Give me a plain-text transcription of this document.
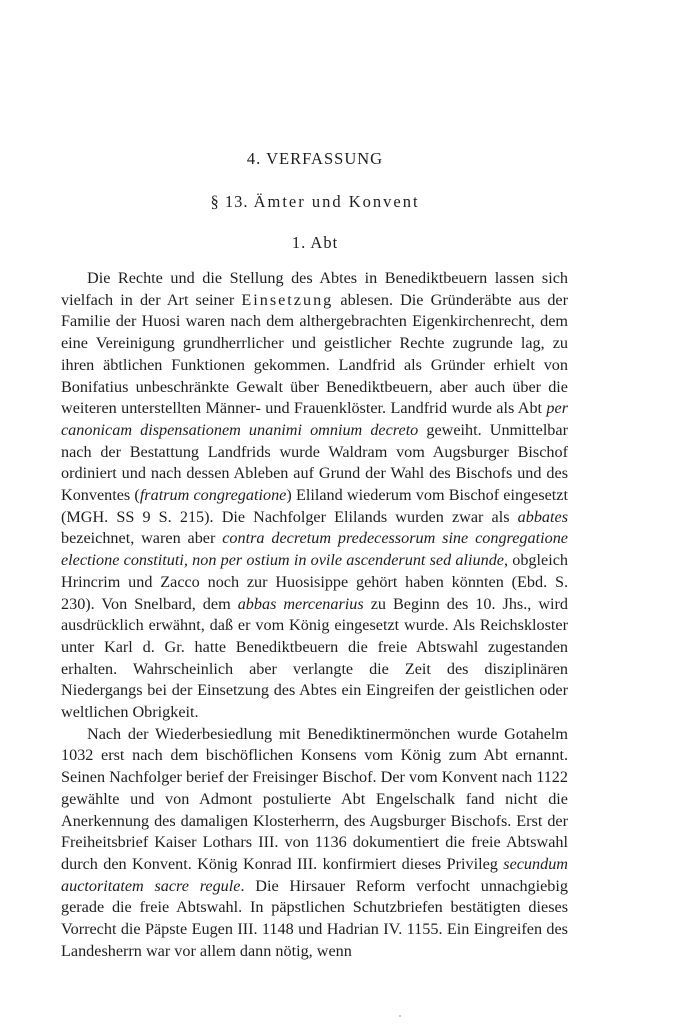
4. VERFASSUNG
§ 13. Ämter und Konvent
1. Abt

Die Rechte und die Stellung des Abtes in Benediktbeuern lassen sich vielfach in der Art seiner Einsetzung ablesen. Die Gründeräbte aus der Familie der Huosi waren nach dem althergebrachten Eigenkirchenrecht, dem eine Vereinigung grundherrlicher und geistlicher Rechte zugrunde lag, zu ihren äbtlichen Funktionen gekommen. Landfrid als Gründer erhielt von Bonifatius unbeschränkte Gewalt über Benediktbeuern, aber auch über die weiteren unterstellten Männer- und Frauenklöster. Landfrid wurde als Abt per canonicam dispensationem unanimi omnium decreto geweiht. Unmittelbar nach der Bestattung Landfrids wurde Waldram vom Augsburger Bischof ordiniert und nach dessen Ableben auf Grund der Wahl des Bischofs und des Konventes (fratrum congregatione) Eliland wiederum vom Bischof eingesetzt (MGH. SS 9 S. 215). Die Nachfolger Elilands wurden zwar als abbates bezeichnet, waren aber contra decretum predecessorum sine congregatione electione constituti, non per ostium in ovile ascenderunt sed aliunde, obgleich Hrincrim und Zacco noch zur Huosisippe gehört haben könnten (Ebd. S. 230). Von Snelbard, dem abbas mercenarius zu Beginn des 10. Jhs., wird ausdrücklich erwähnt, daß er vom König eingesetzt wurde. Als Reichskloster unter Karl d. Gr. hatte Benediktbeuern die freie Abtswahl zugestanden erhalten. Wahrscheinlich aber verlangte die Zeit des disziplinären Niedergangs bei der Einsetzung des Abtes ein Eingreifen der geistlichen oder weltlichen Obrigkeit.

Nach der Wiederbesiedlung mit Benediktinermönchen wurde Gotahelm 1032 erst nach dem bischöflichen Konsens vom König zum Abt ernannt. Seinen Nachfolger berief der Freisinger Bischof. Der vom Konvent nach 1122 gewählte und von Admont postulierte Abt Engelschalk fand nicht die Anerkennung des damaligen Klosterherrn, des Augsburger Bischofs. Erst der Freiheitsbrief Kaiser Lothars III. von 1136 dokumentiert die freie Abtswahl durch den Konvent. König Konrad III. konfirmiert dieses Privileg secundum auctoritatem sacre regule. Die Hirsauer Reform verfocht unnachgiebig gerade die freie Abtswahl. In päpstlichen Schutzbriefen bestätigten dieses Vorrecht die Päpste Eugen III. 1148 und Hadrian IV. 1155. Ein Eingreifen des Landesherrn war vor allem dann nötig, wenn
